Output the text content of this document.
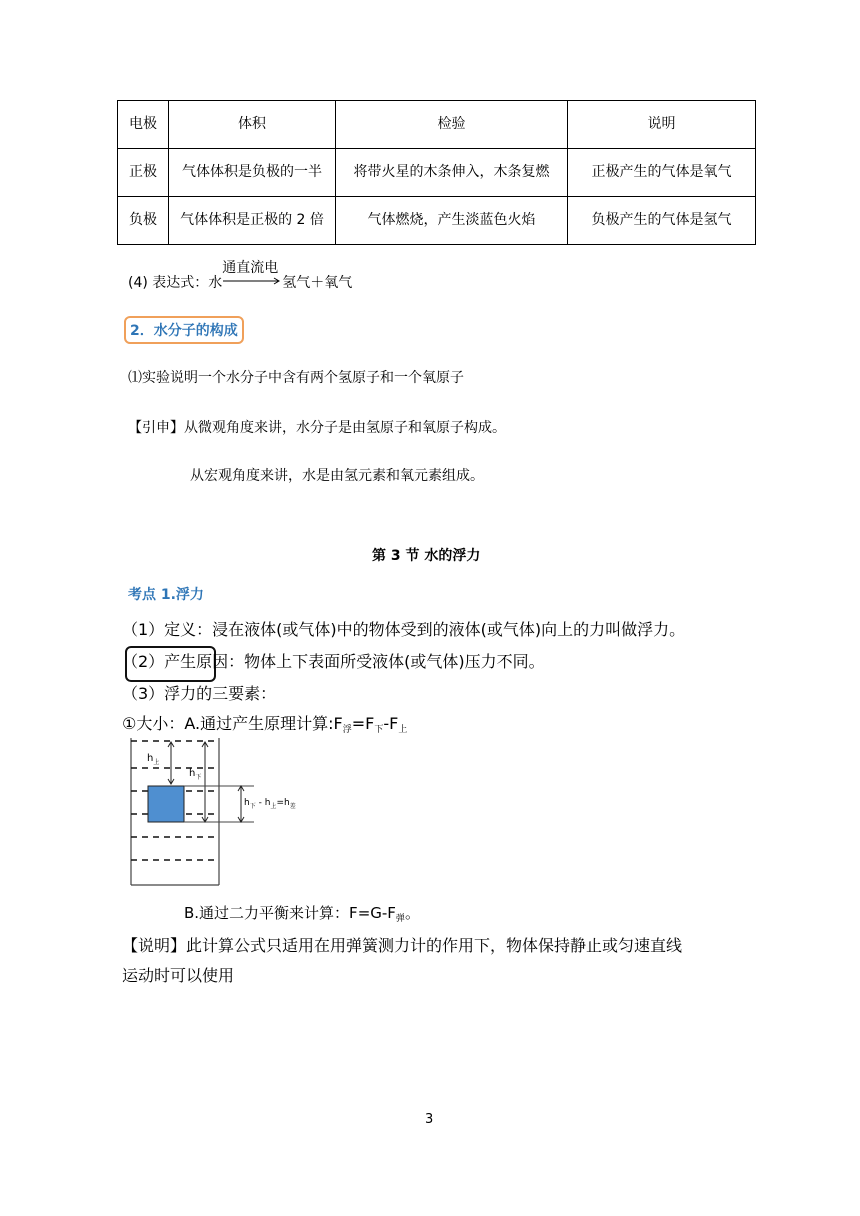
电极	体积	检验	说明
正极	气体体积是负极的一半	将带火星的木条伸入，木条复燃	正极产生的气体是氧气
负极	气体体积是正极的 2 倍	气体燃烧，产生淡蓝色火焰	负极产生的气体是氢气
(4) 表达式：水
通直流电
氢气＋氧气
2．水分子的构成
⑴实验说明一个水分子中含有两个氢原子和一个氧原子
【引申】从微观角度来讲，水分子是由氢原子和氧原子构成。
从宏观角度来讲，水是由氢元素和氧元素组成。
第 3 节 水的浮力
考点 1.浮力
（1）定义：浸在液体(或气体)中的物体受到的液体(或气体)向上的力叫做浮力。
（2）产生原因：物体上下表面所受液体(或气体)压力不同。
（3）浮力的三要素：
①大小：A.通过产生原理计算$:F_浮=F_下-F_上$
$h_上$
$h_下$
$h_下 - h_上=h_差$
B.通过二力平衡来计算：$F=G-F_弹$。
【说明】此计算公式只适用在用弹簧测力计的作用下，物体保持静止或匀速直线
运动时可以使用
3
